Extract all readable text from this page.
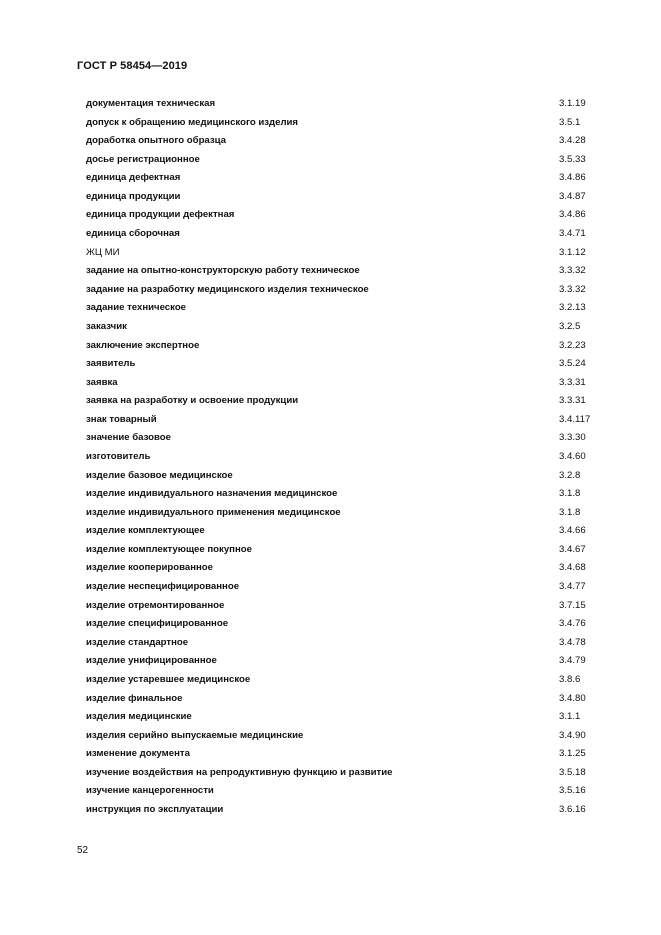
ГОСТ Р 58454—2019
документация техническая	3.1.19
допуск к обращению медицинского изделия	3.5.1
доработка опытного образца	3.4.28
досье регистрационное	3.5.33
единица дефектная	3.4.86
единица продукции	3.4.87
единица продукции дефектная	3.4.86
единица сборочная	3.4.71
ЖЦ МИ	3.1.12
задание на опытно-конструкторскую работу техническое	3.3.32
задание на разработку медицинского изделия техническое	3.3.32
задание техническое	3.2.13
заказчик	3.2.5
заключение экспертное	3.2.23
заявитель	3.5.24
заявка	3.3.31
заявка на разработку и освоение продукции	3.3.31
знак товарный	3.4.117
значение базовое	3.3.30
изготовитель	3.4.60
изделие базовое медицинское	3.2.8
изделие индивидуального назначения медицинское	3.1.8
изделие индивидуального применения медицинское	3.1.8
изделие комплектующее	3.4.66
изделие комплектующее покупное	3.4.67
изделие кооперированное	3.4.68
изделие неспецифицированное	3.4.77
изделие отремонтированное	3.7.15
изделие специфицированное	3.4.76
изделие стандартное	3.4.78
изделие унифицированное	3.4.79
изделие устаревшее медицинское	3.8.6
изделие финальное	3.4.80
изделия медицинские	3.1.1
изделия серийно выпускаемые медицинские	3.4.90
изменение документа	3.1.25
изучение воздействия на репродуктивную функцию и развитие	3.5.18
изучение канцерогенности	3.5.16
инструкция по эксплуатации	3.6.16
52
